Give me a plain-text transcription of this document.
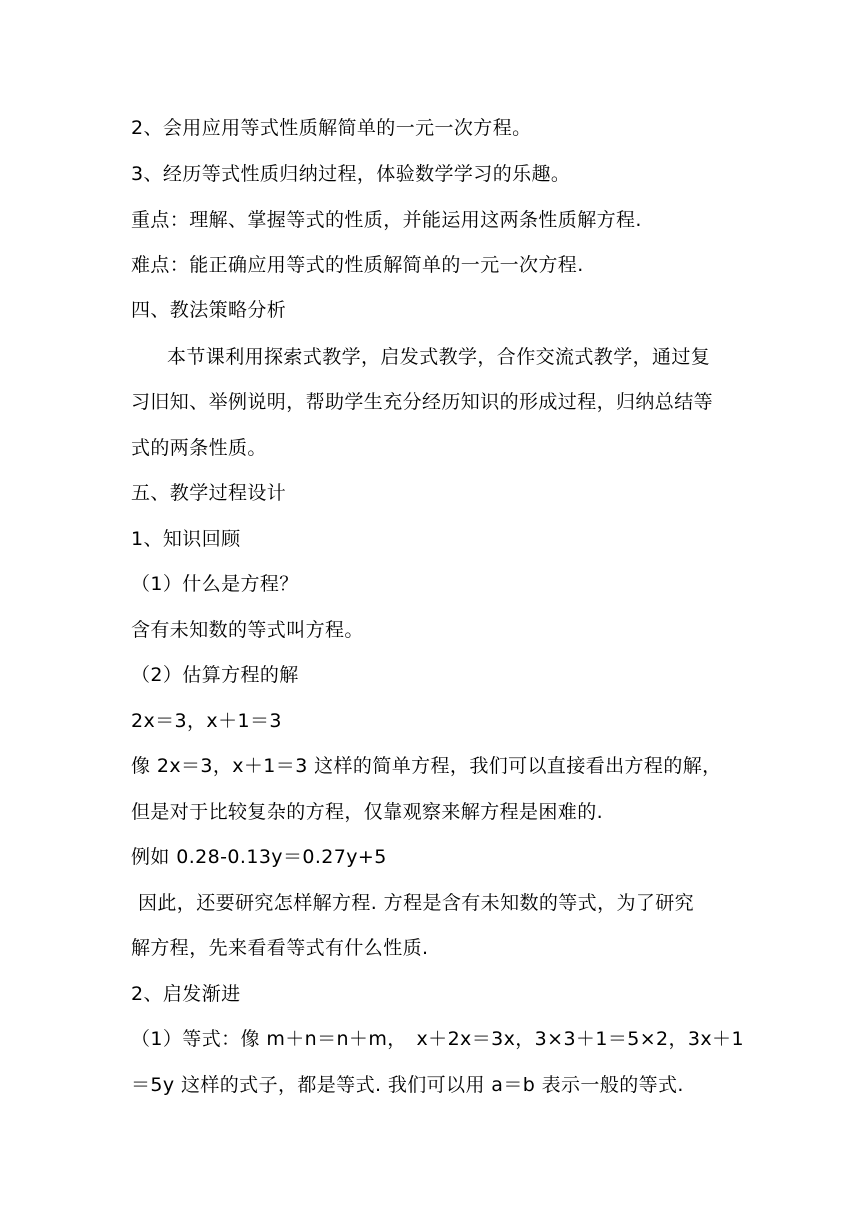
2、会用应用等式性质解简单的一元一次方程。
3、经历等式性质归纳过程，体验数学学习的乐趣。
重点：理解、掌握等式的性质，并能运用这两条性质解方程.
难点：能正确应用等式的性质解简单的一元一次方程.
四、教法策略分析
本节课利用探索式教学，启发式教学，合作交流式教学，通过复
习旧知、举例说明，帮助学生充分经历知识的形成过程，归纳总结等
式的两条性质。
五、教学过程设计
1、知识回顾
（1）什么是方程？
含有未知数的等式叫方程。
（2）估算方程的解
2x＝3，x＋1＝3
像 2x＝3，x＋1＝3 这样的简单方程，我们可以直接看出方程的解，
但是对于比较复杂的方程，仅靠观察来解方程是困难的.
例如 0.28-0.13y＝0.27y+5
因此，还要研究怎样解方程. 方程是含有未知数的等式，为了研究
解方程，先来看看等式有什么性质.
2、启发渐进
（1）等式：像 m＋n＝n＋m，　x＋2x＝3x，3×3＋1＝5×2，3x＋1
＝5y 这样的式子，都是等式. 我们可以用 a＝b 表示一般的等式.
